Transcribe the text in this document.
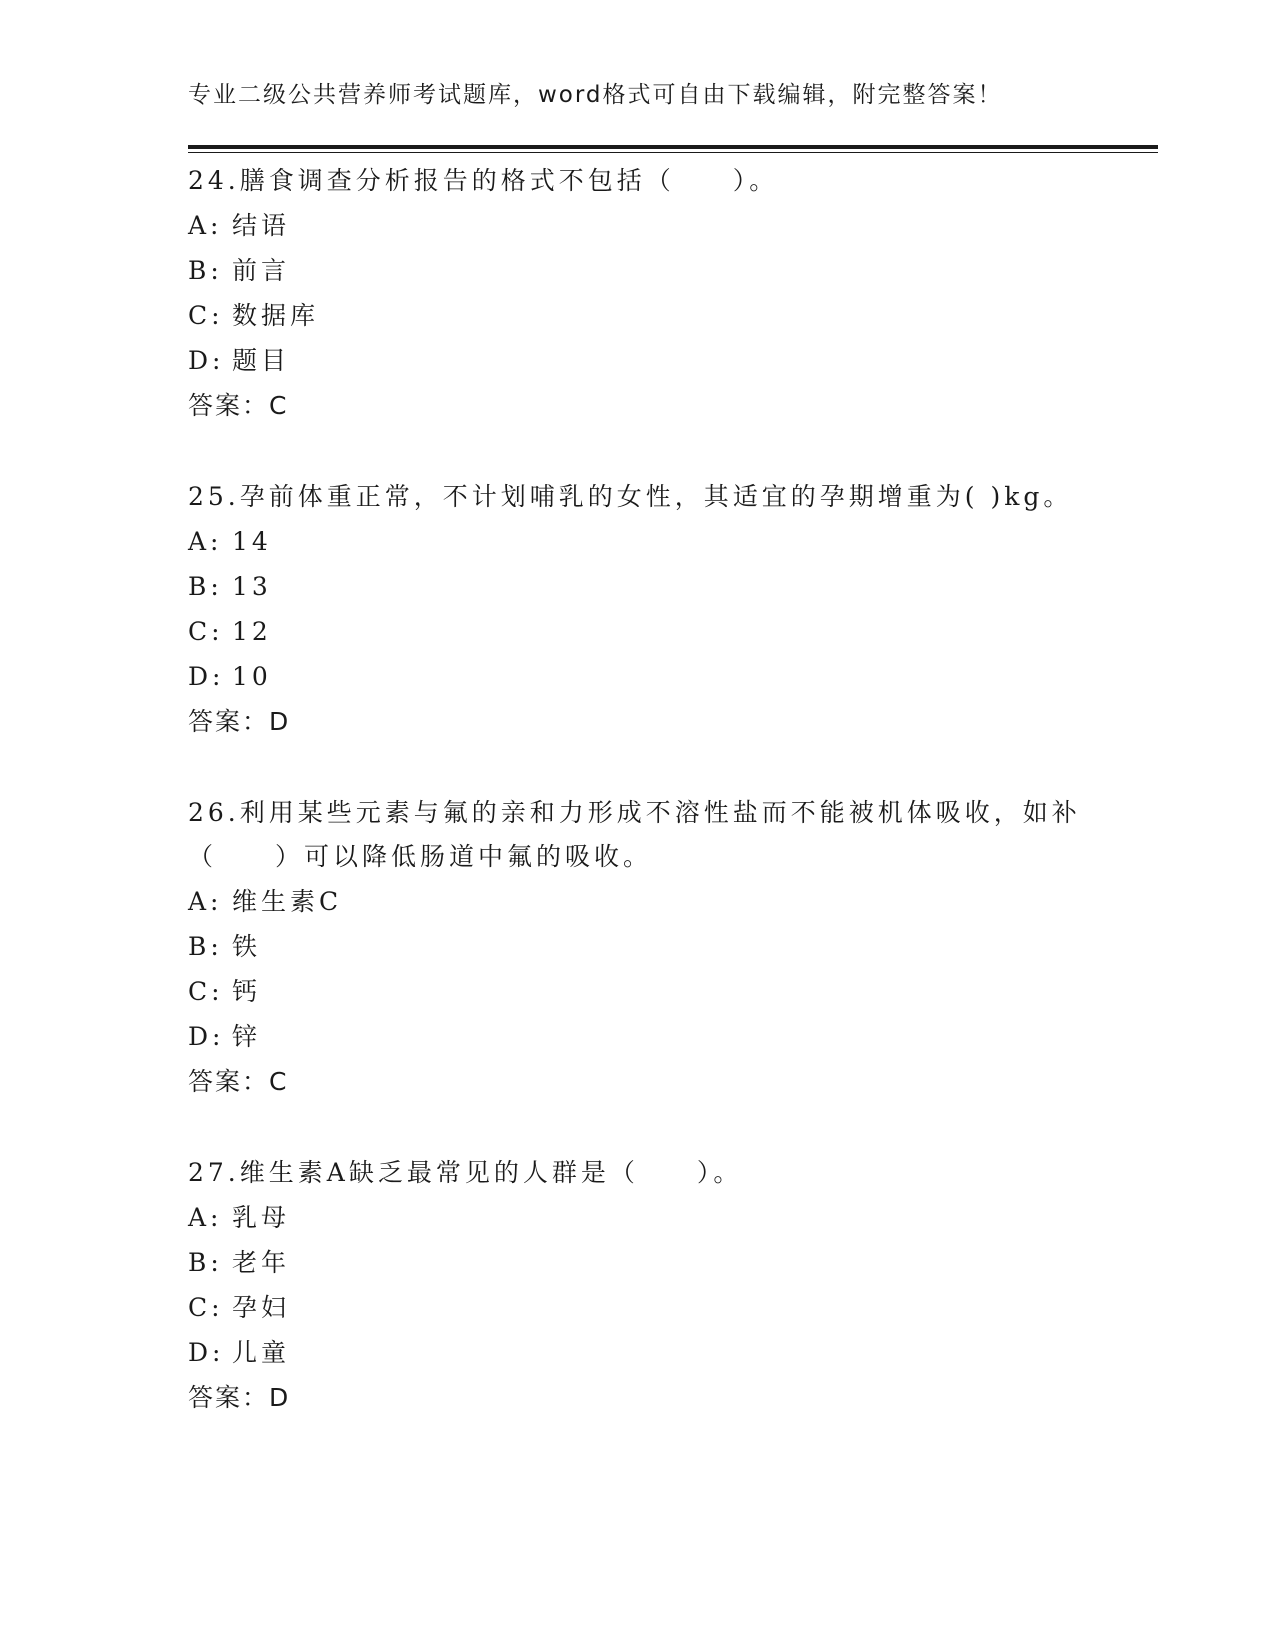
专业二级公共营养师考试题库，word格式可自由下载编辑，附完整答案！
24.膳食调查分析报告的格式不包括（　　）。
A: 结语
B: 前言
C: 数据库
D: 题目
答案：C
25.孕前体重正常，不计划哺乳的女性，其适宜的孕期增重为( )kg。
A: 14
B: 13
C: 12
D: 10
答案：D
26.利用某些元素与氟的亲和力形成不溶性盐而不能被机体吸收，如补（　　）可以降低肠道中氟的吸收。
A: 维生素C
B: 铁
C: 钙
D: 锌
答案：C
27.维生素A缺乏最常见的人群是（　　）。
A: 乳母
B: 老年
C: 孕妇
D: 儿童
答案：D
